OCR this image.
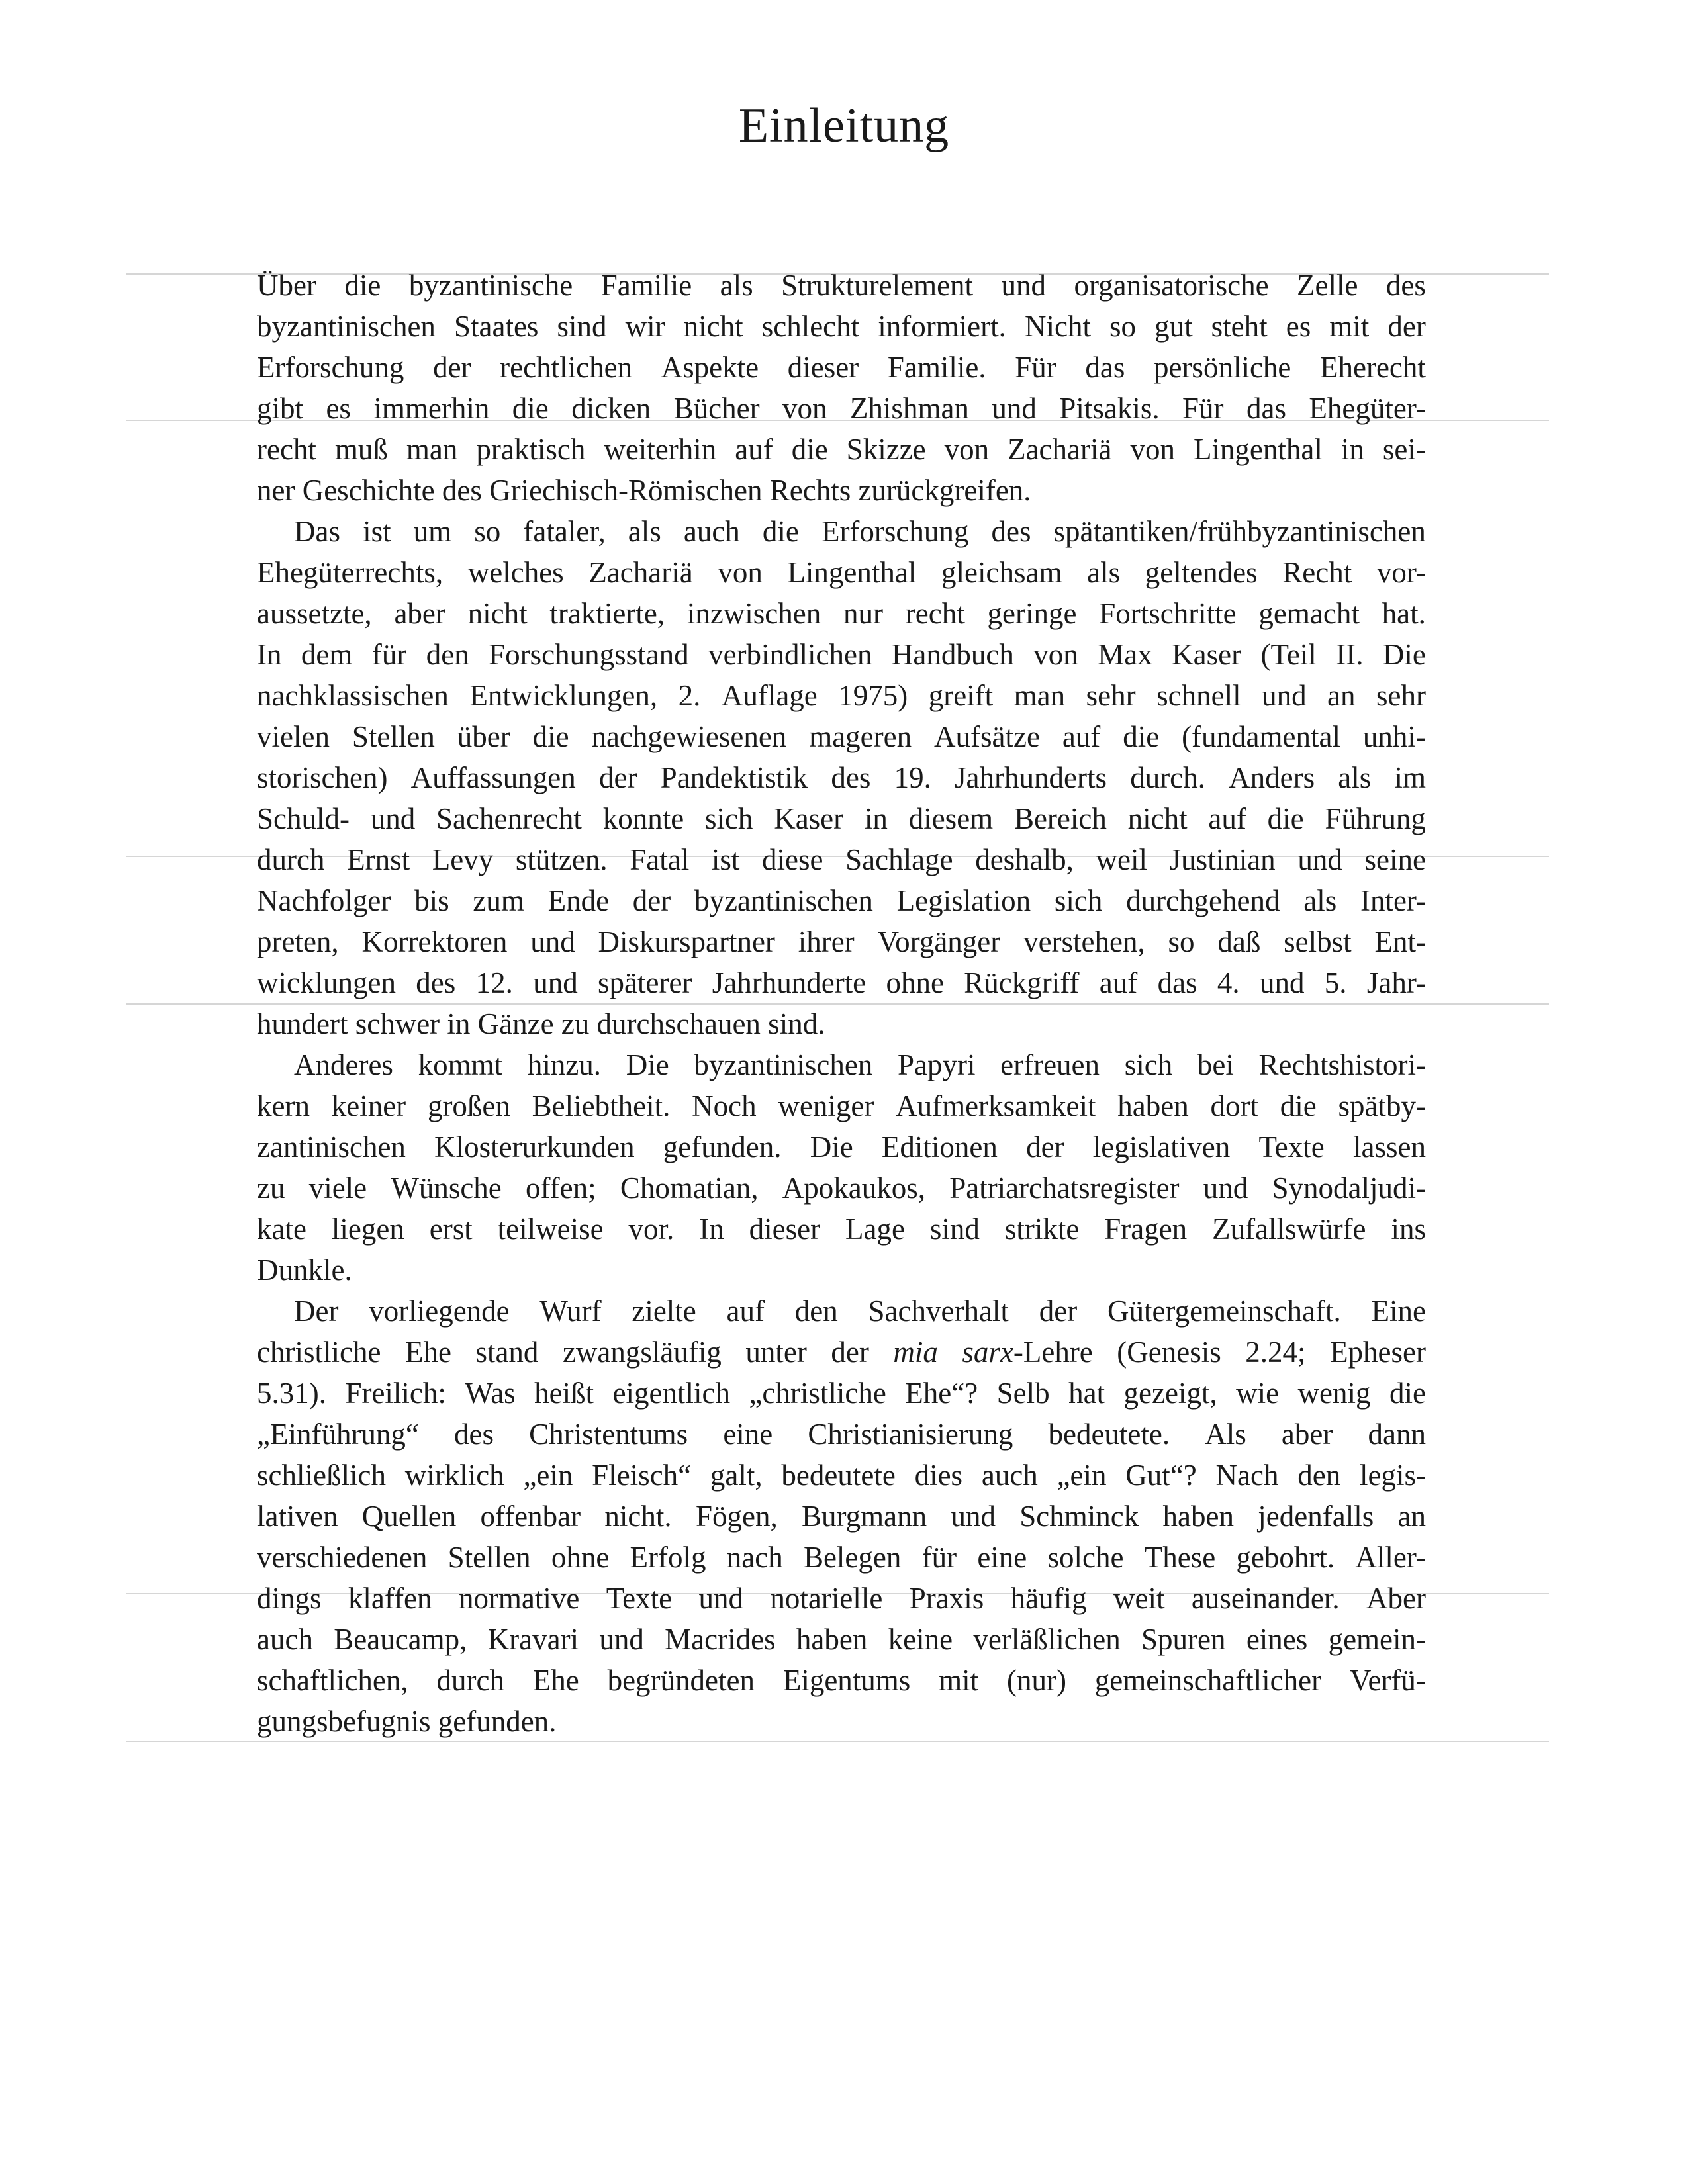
Einleitung
Über die byzantinische Familie als Strukturelement und organisatorische Zelle des
byzantinischen Staates sind wir nicht schlecht informiert. Nicht so gut steht es mit der
Erforschung der rechtlichen Aspekte dieser Familie. Für das persönliche Eherecht
gibt es immerhin die dicken Bücher von Zhishman und Pitsakis. Für das Ehegüter-
recht muß man praktisch weiterhin auf die Skizze von Zachariä von Lingenthal in sei-
ner Geschichte des Griechisch-Römischen Rechts zurückgreifen.
Das ist um so fataler, als auch die Erforschung des spätantiken/frühbyzantinischen
Ehegüterrechts, welches Zachariä von Lingenthal gleichsam als geltendes Recht vor-
aussetzte, aber nicht traktierte, inzwischen nur recht geringe Fortschritte gemacht hat.
In dem für den Forschungsstand verbindlichen Handbuch von Max Kaser (Teil II. Die
nachklassischen Entwicklungen, 2. Auflage 1975) greift man sehr schnell und an sehr
vielen Stellen über die nachgewiesenen mageren Aufsätze auf die (fundamental unhi-
storischen) Auffassungen der Pandektistik des 19. Jahrhunderts durch. Anders als im
Schuld- und Sachenrecht konnte sich Kaser in diesem Bereich nicht auf die Führung
durch Ernst Levy stützen. Fatal ist diese Sachlage deshalb, weil Justinian und seine
Nachfolger bis zum Ende der byzantinischen Legislation sich durchgehend als Inter-
preten, Korrektoren und Diskurspartner ihrer Vorgänger verstehen, so daß selbst Ent-
wicklungen des 12. und späterer Jahrhunderte ohne Rückgriff auf das 4. und 5. Jahr-
hundert schwer in Gänze zu durchschauen sind.
Anderes kommt hinzu. Die byzantinischen Papyri erfreuen sich bei Rechtshistori-
kern keiner großen Beliebtheit. Noch weniger Aufmerksamkeit haben dort die spätby-
zantinischen Klosterurkunden gefunden. Die Editionen der legislativen Texte lassen
zu viele Wünsche offen; Chomatian, Apokaukos, Patriarchatsregister und Synodaljudi-
kate liegen erst teilweise vor. In dieser Lage sind strikte Fragen Zufallswürfe ins
Dunkle.
Der vorliegende Wurf zielte auf den Sachverhalt der Gütergemeinschaft. Eine
christliche Ehe stand zwangsläufig unter der mia sarx-Lehre (Genesis 2.24; Epheser
5.31). Freilich: Was heißt eigentlich „christliche Ehe“? Selb hat gezeigt, wie wenig die
„Einführung“ des Christentums eine Christianisierung bedeutete. Als aber dann
schließlich wirklich „ein Fleisch“ galt, bedeutete dies auch „ein Gut“? Nach den legis-
lativen Quellen offenbar nicht. Fögen, Burgmann und Schminck haben jedenfalls an
verschiedenen Stellen ohne Erfolg nach Belegen für eine solche These gebohrt. Aller-
dings klaffen normative Texte und notarielle Praxis häufig weit auseinander. Aber
auch Beaucamp, Kravari und Macrides haben keine verläßlichen Spuren eines gemein-
schaftlichen, durch Ehe begründeten Eigentums mit (nur) gemeinschaftlicher Verfü-
gungsbefugnis gefunden.
